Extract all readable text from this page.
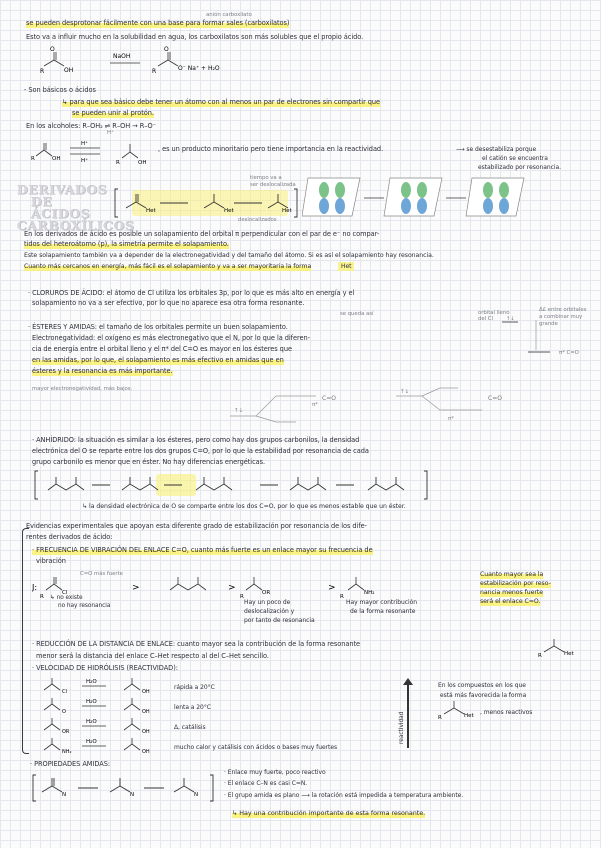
anión carboxilato
se pueden desprotonar fácilmente con una base para formar sales (carboxilatos)
Esto va a influir mucho en la solubilidad en agua, los carboxilatos son más solubles que el propio ácido.
R	OH
O
NaOH
R
O
O⁻ Na⁺ + H₂O
- Son básicos o ácidos
↳ para que sea básico debe tener un átomo con al menos un par de electrones sin compartir que
se pueden unir al protón.
En los alcoholes: R–OH₂ ⇌ R–OH → R–O⁻
H⁺
R	OH
H⁺
H⁺	R	OH
, es un producto minoritario pero tiene importancia en la reactividad.	⟶ se desestabiliza porque
el catión se encuentra
estabilizado por resonancia.
DERIVADOS
DE ÁCIDOS
CARBOXÍLICOS
tiempo va a
ser deslocalizada
deslocalizados
Het	Het	Het
En los derivados de ácido es posible un solapamiento del orbital π perpendicular con el par de e⁻ no compar-
tidos del heteroátomo (p), la simetría permite el solapamiento.
Este solapamiento también va a depender de la electronegatividad y del tamaño del átomo. Si es así el solapamiento hay resonancia.
Cuanto más cercanos en energía, más fácil es el solapamiento y va a ser mayoritaria la forma	Het
· CLORUROS DE ÁCIDO: el átomo de Cl utiliza los orbitales 3p, por lo que es más alto en energía y el
solapamiento no va a ser efectivo, por lo que no aparece esa otra forma resonante.
se queda así	orbital lleno
del Cl
Δ£ entre orbitales
a combinar muy
grande
π* C=O
↑↓
· ÉSTERES Y AMIDAS: el tamaño de los orbitales permite un buen solapamiento.
Electronegatividad: el oxígeno es más electronegativo que el N, por lo que la diferen-
cia de energía entre el orbital lleno y el π* del C=O es mayor en los ésteres que
en las amidas, por lo que, el solapamiento es más efectivo en amidas que en
ésteres y la resonancia es más importante.
mayor electronegatividad, más bajos.
↑↓
↑↓
π*
C=O
π*
C=O
· ANHÍDRIDO: la situación es similar a los ésteres, pero como hay dos grupos carbonilos, la densidad
electrónica del O se reparte entre los dos grupos C=O, por lo que la estabilidad por resonancia de cada
grupo carbonilo es menor que en éster. No hay diferencias energéticas.
↳ la densidad electrónica de O se comparte entre los dos C=O, por lo que es menos estable que un éster.
Evidencias experimentales que apoyan esta diferente grado de estabilización por resonancia de los dife-
rentes derivados de ácido:
· FRECUENCIA DE VIBRACIÓN DEL ENLACE C=O, cuanto más fuerte es un enlace mayor su frecuencia de
vibración
C=O más fuerte
J:
R
Cl	>	>
R
OR	>
R
NH₂
↳ no existe
no hay resonancia	Hay un poco de
deslocalización y
por tanto de resonancia
Hay mayor contribución
de la forma resonante
Cuanto mayor sea la
estabilización por reso-
nancia menos fuerte
será el enlace C=O.
· REDUCCIÓN DE LA DISTANCIA DE ENLACE: cuanto mayor sea la contribución de la forma resonante
menor será la distancia del enlace C–Het respecto al del C–Het sencillo.	R	Het
· VELOCIDAD DE HIDRÓLISIS (REACTIVIDAD):
H₂O
H₂O
H₂O
H₂O
Cl
O
OR
NH₂
OH
OH
OH
OH
rápida a 20°C
lenta a 20°C
Δ, catálisis
mucho calor y catálisis con ácidos o bases muy fuertes
reactividad
En los compuestos en los que
está más favorecida la forma
R	Het , menos reactivos
· PROPIEDADES AMIDAS:
N	N	N
· Enlace muy fuerte, poco reactivo
· El enlace C–N es casi C=N.
· El grupo amida es plano ⟶ la rotación está impedida a temperatura ambiente.
↳ Hay una contribución importante de esta forma resonante.
